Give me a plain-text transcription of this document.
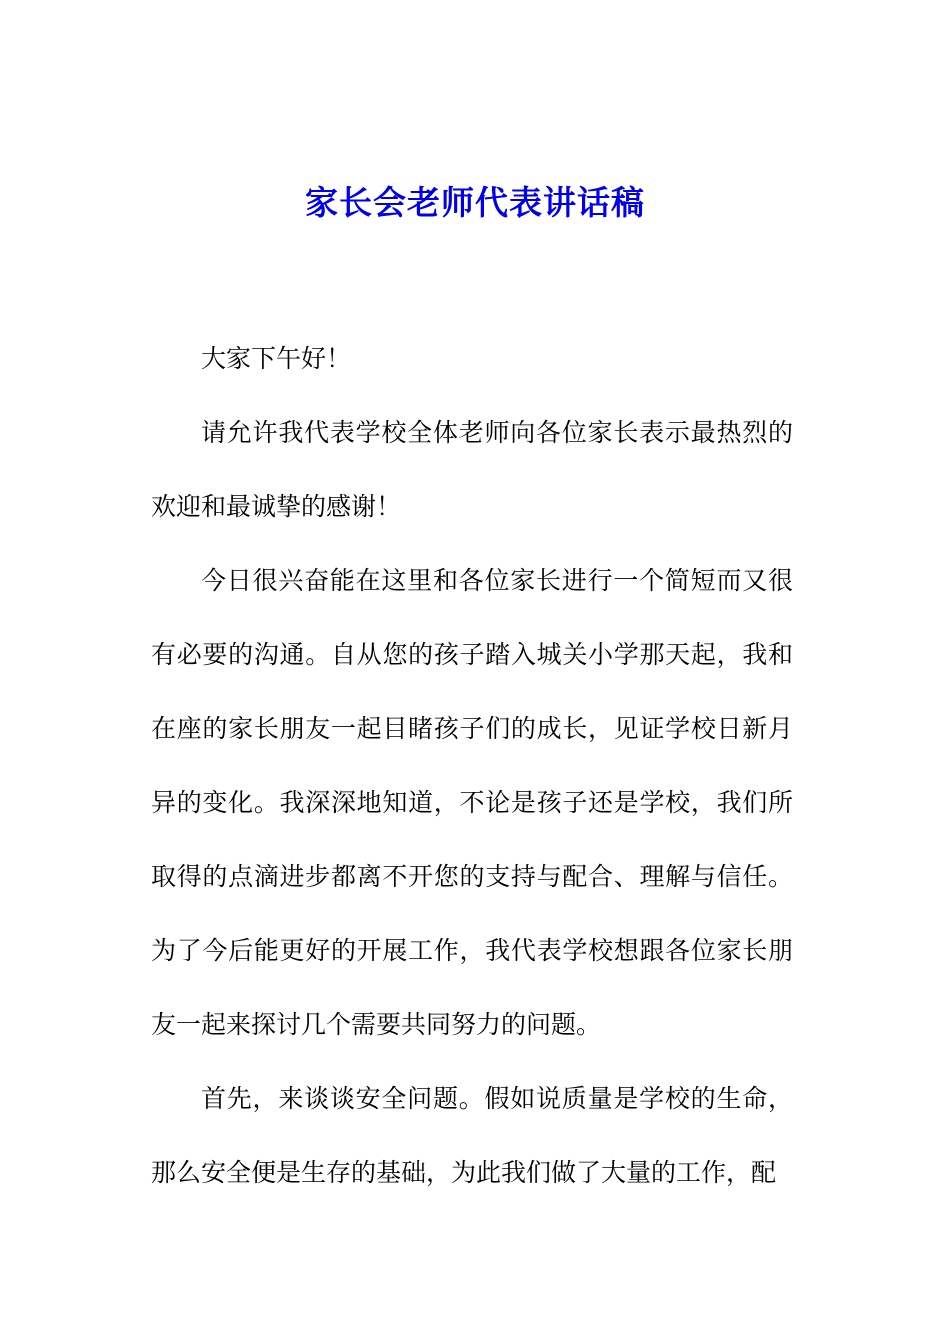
家长会老师代表讲话稿

大家下午好！

请允许我代表学校全体老师向各位家长表示最热烈的欢迎和最诚挚的感谢！

今日很兴奋能在这里和各位家长进行一个简短而又很有必要的沟通。自从您的孩子踏入城关小学那天起，我和在座的家长朋友一起目睹孩子们的成长，见证学校日新月异的变化。我深深地知道，不论是孩子还是学校，我们所取得的点滴进步都离不开您的支持与配合、理解与信任。为了今后能更好的开展工作，我代表学校想跟各位家长朋友一起来探讨几个需要共同努力的问题。

首先，来谈谈安全问题。假如说质量是学校的生命，那么安全便是生存的基础，为此我们做了大量的工作，配
